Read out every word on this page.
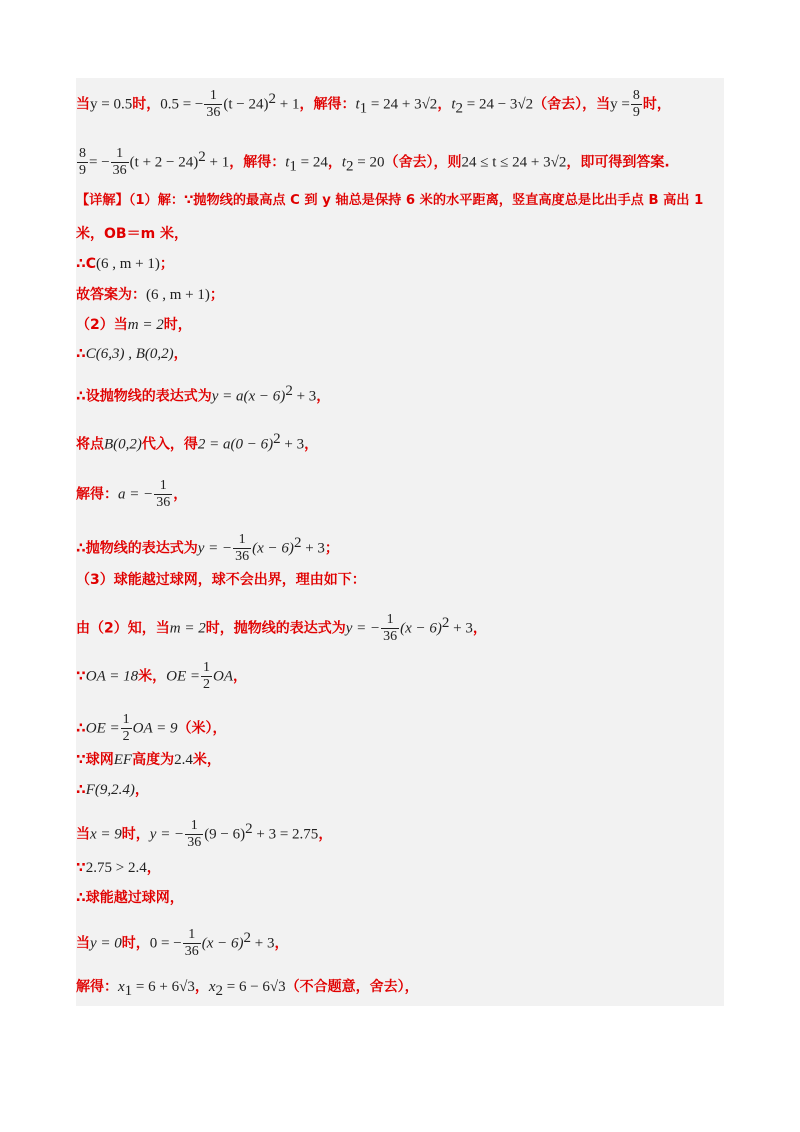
当y = 0.5时，0.5 = − $\frac{1}{36} (t - 24)^2 + 1$，解得：$t_1 = 24 + 3√2$，$t_2 = 24 - 3√2$（舍去），当$y = \frac{8}{9}$ 时，
$\frac{8}{9}$ = − $\frac{1}{36} (t + 2 - 24)^2 + 1$，解得：$t_1 = 24$，$t_2 = 20$（舍去），则24 ≤ t ≤ 24 + 3√2，即可得到答案.
【详解】（1）解：∵抛物线的最高点 C 到 y 轴总是保持 6 米的水平距离，竖直高度总是比出手点 B 高出 1
米，OB＝m 米，
∴C(6 , m + 1)；
故答案为：(6 , m + 1)；
（2）当m = 2时，
∴C(6,3) , B(0,2)，
∴设抛物线的表达式为$y = a(x - 6)^2 + 3$，
将点B(0,2)代入，得$2 = a(0 - 6)^2 + 3$，
解得：a = − $\frac{1}{36}$ ，
∴抛物线的表达式为y = − $\frac{1}{36} (x - 6)^2 + 3$；
（3）球能越过球网，球不会出界，理由如下：
由（2）知，当m = 2时，抛物线的表达式为y = − $\frac{1}{36} (x - 6)^2 + 3$，
∵OA = 18米，OE = $\frac{1}{2}$ OA，
∴OE = $\frac{1}{2}$ OA = 9（米），
∵球网EF高度为2.4米，
∴F(9,2.4)，
当x = 9时，y = − $\frac{1}{36} (9 - 6)^2 + 3 = 2.75$，
∵2.75 > 2.4，
∴球能越过球网，
当y = 0时，0 = − $\frac{1}{36} (x - 6)^2 + 3$，
解得：$x_1 = 6 + 6√3$，$x_2 = 6 - 6√3$（不合题意，舍去），
